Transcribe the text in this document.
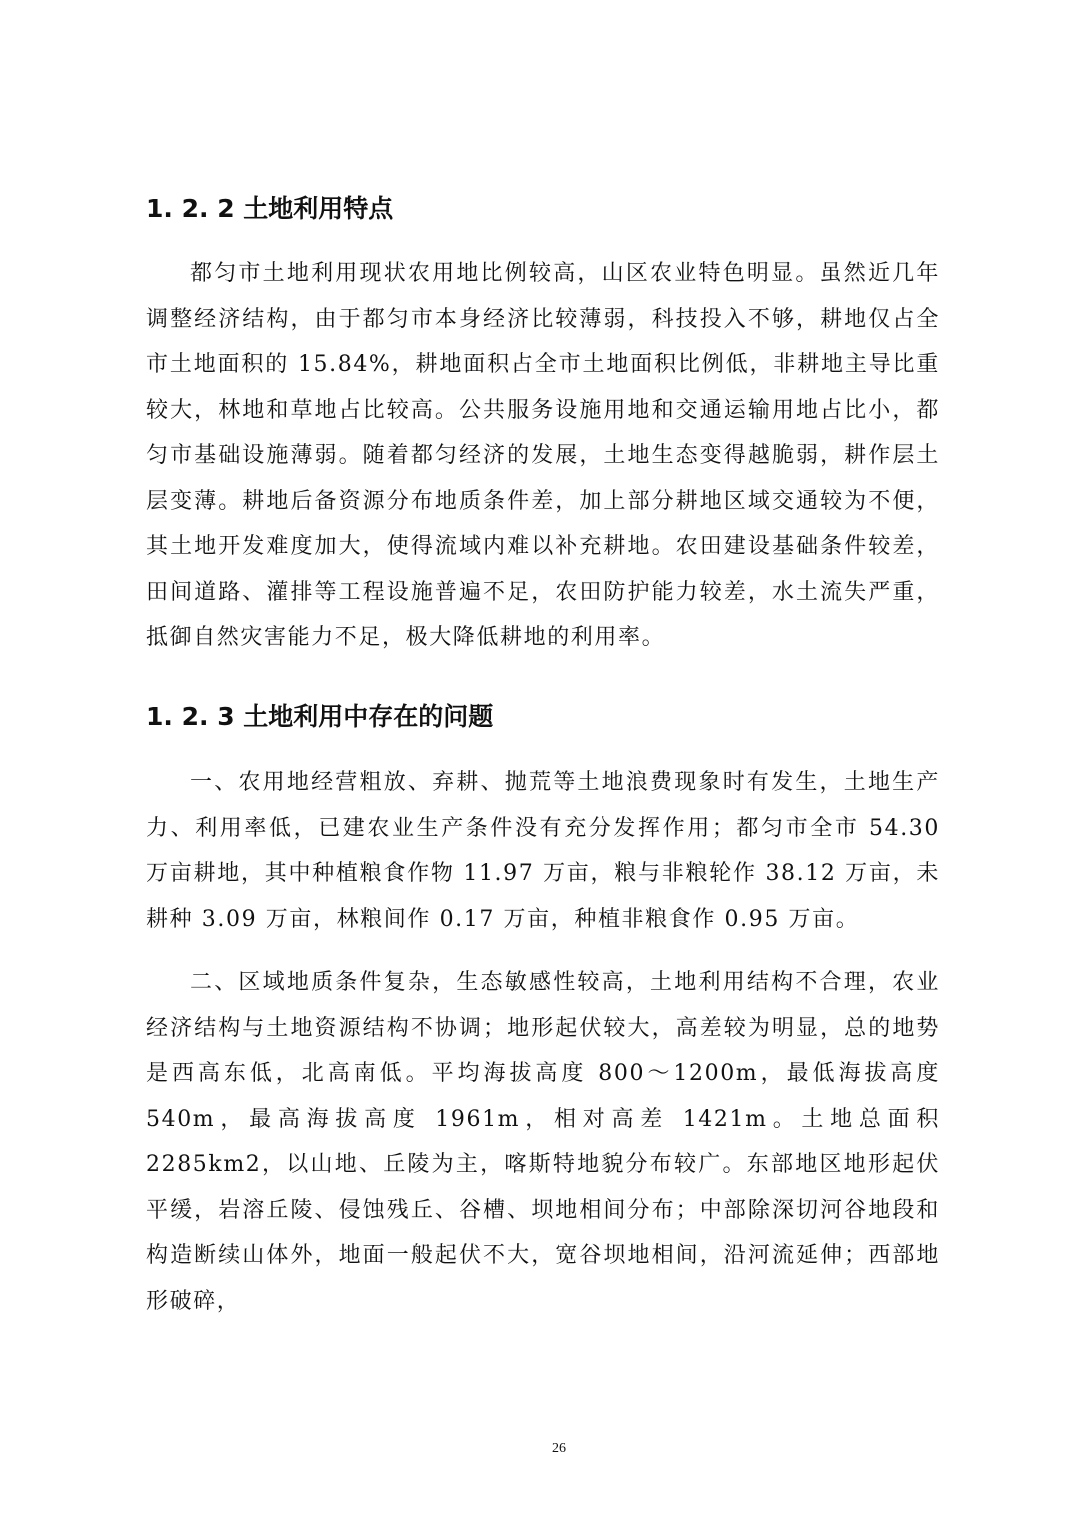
1. 2. 2 土地利用特点

都匀市土地利用现状农用地比例较高，山区农业特色明显。虽然近几年调整经济结构，由于都匀市本身经济比较薄弱，科技投入不够，耕地仅占全市土地面积的 15.84%，耕地面积占全市土地面积比例低，非耕地主导比重较大，林地和草地占比较高。公共服务设施用地和交通运输用地占比小，都匀市基础设施薄弱。随着都匀经济的发展，土地生态变得越脆弱，耕作层土层变薄。耕地后备资源分布地质条件差，加上部分耕地区域交通较为不便，其土地开发难度加大，使得流域内难以补充耕地。农田建设基础条件较差，田间道路、灌排等工程设施普遍不足，农田防护能力较差，水土流失严重，抵御自然灾害能力不足，极大降低耕地的利用率。

1. 2. 3 土地利用中存在的问题

一、农用地经营粗放、弃耕、抛荒等土地浪费现象时有发生，土地生产力、利用率低，已建农业生产条件没有充分发挥作用；都匀市全市 54.30 万亩耕地，其中种植粮食作物 11.97 万亩，粮与非粮轮作 38.12 万亩，未耕种 3.09 万亩，林粮间作 0.17 万亩，种植非粮食作 0.95 万亩。

二、区域地质条件复杂，生态敏感性较高，土地利用结构不合理，农业经济结构与土地资源结构不协调；地形起伏较大，高差较为明显，总的地势是西高东低，北高南低。平均海拔高度 800～1200m，最低海拔高度 540m，最高海拔高度 1961m，相对高差 1421m。土地总面积 2285km2，以山地、丘陵为主，喀斯特地貌分布较广。东部地区地形起伏平缓，岩溶丘陵、侵蚀残丘、谷槽、坝地相间分布；中部除深切河谷地段和构造断续山体外，地面一般起伏不大，宽谷坝地相间，沿河流延伸；西部地形破碎，

26
